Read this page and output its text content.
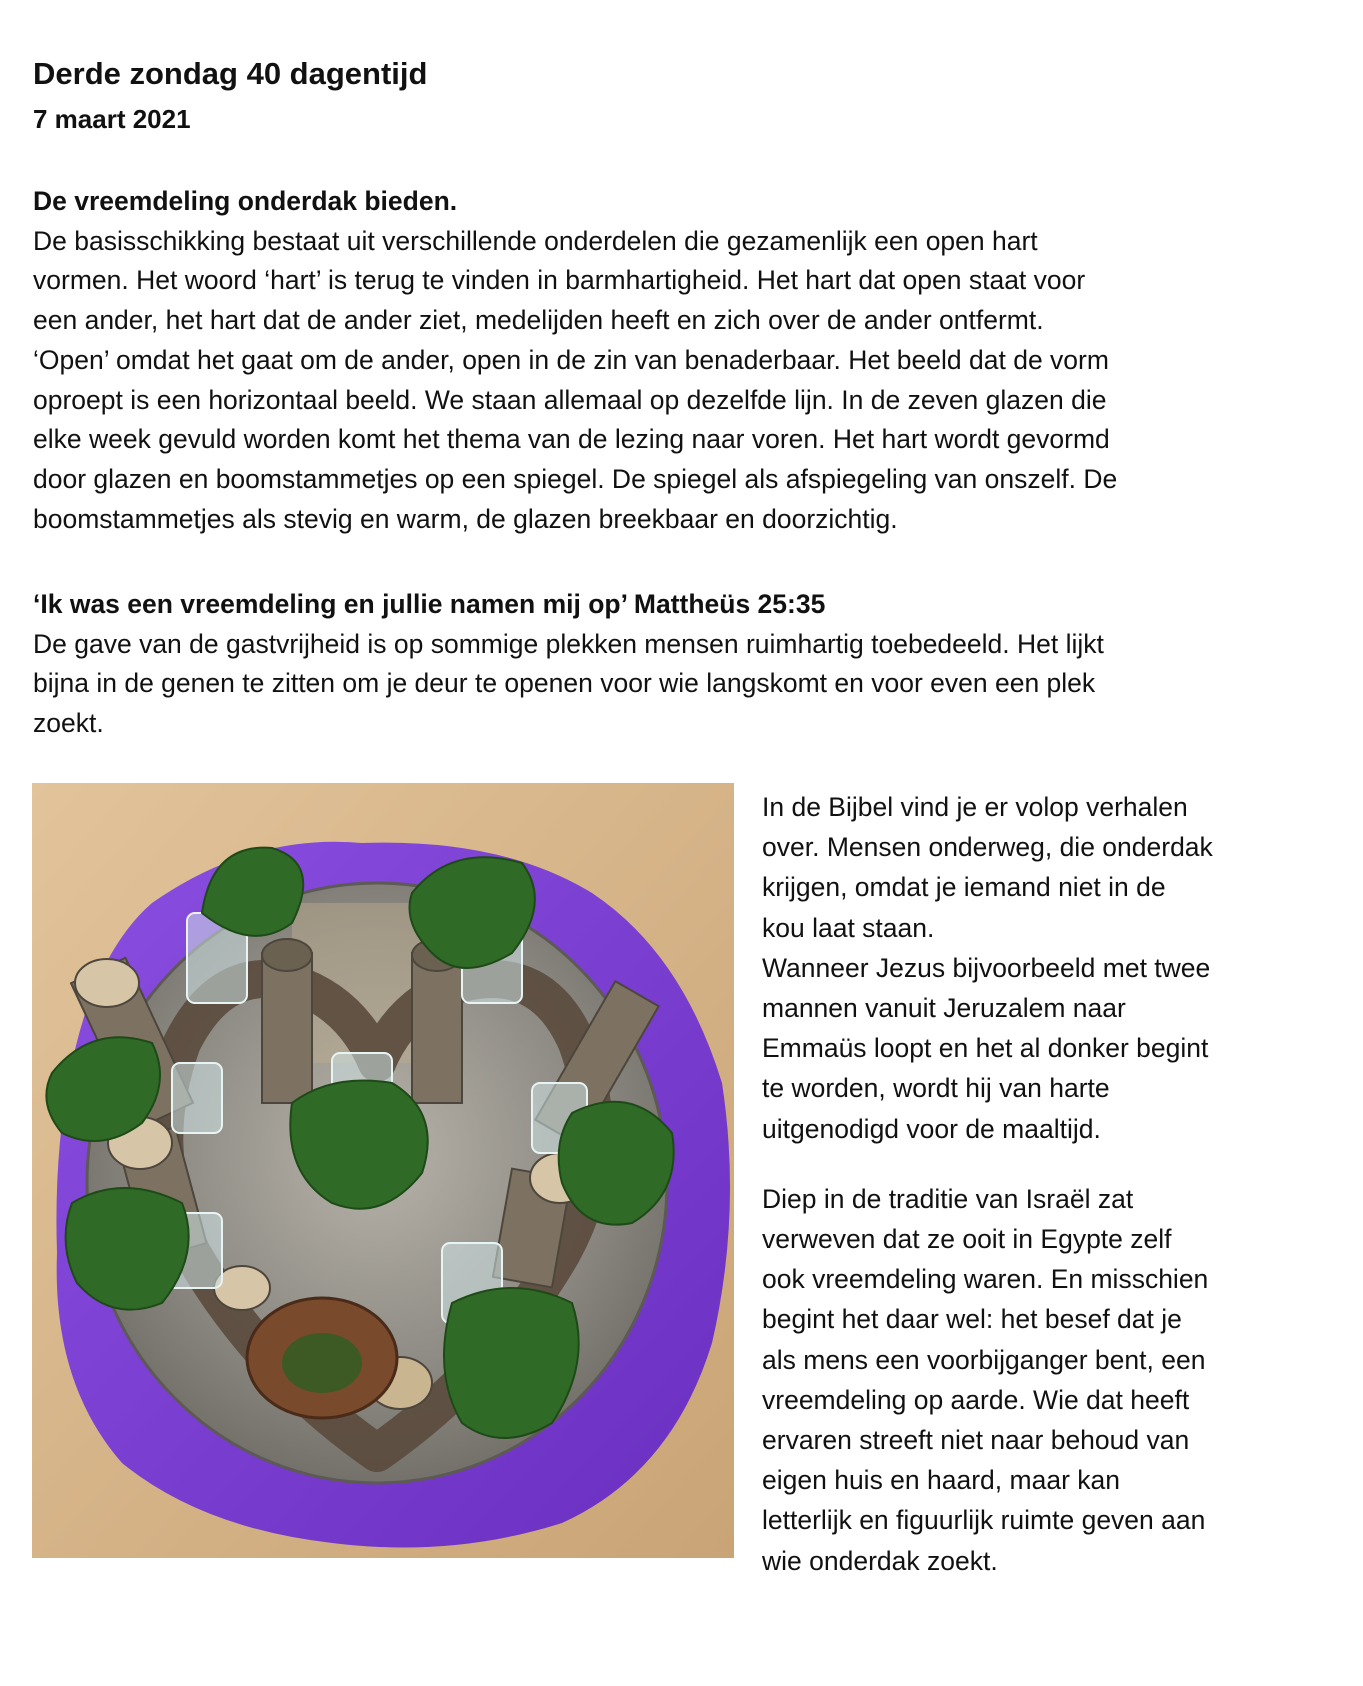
Derde zondag 40 dagentijd
7 maart 2021
De vreemdeling onderdak bieden.
De basisschikking bestaat uit verschillende onderdelen die gezamenlijk een open hart
vormen. Het woord ‘hart’ is terug te vinden in barmhartigheid. Het hart dat open staat voor
een ander, het hart dat de ander ziet, medelijden heeft en zich over de ander ontfermt.
‘Open’ omdat het gaat om de ander, open in de zin van benaderbaar. Het beeld dat de vorm
oproept is een horizontaal beeld. We staan allemaal op dezelfde lijn. In de zeven glazen die
elke week gevuld worden komt het thema van de lezing naar voren. Het hart wordt gevormd
door glazen en boomstammetjes op een spiegel. De spiegel als afspiegeling van onszelf. De
boomstammetjes als stevig en warm, de glazen breekbaar en doorzichtig.
‘Ik was een vreemdeling en jullie namen mij op’ Mattheüs 25:35
De gave van de gastvrijheid is op sommige plekken mensen ruimhartig toebedeeld. Het lijkt
bijna in de genen te zitten om je deur te openen voor wie langskomt en voor even een plek
zoekt.
In de Bijbel vind je er volop verhalen
over. Mensen onderweg, die onderdak
krijgen, omdat je iemand niet in de
kou laat staan.
Wanneer Jezus bijvoorbeeld met twee
mannen vanuit Jeruzalem naar
Emmaüs loopt en het al donker begint
te worden, wordt hij van harte
uitgenodigd voor de maaltijd.
Diep in de traditie van Israël zat
verweven dat ze ooit in Egypte zelf
ook vreemdeling waren. En misschien
begint het daar wel: het besef dat je
als mens een voorbijganger bent, een
vreemdeling op aarde. Wie dat heeft
ervaren streeft niet naar behoud van
eigen huis en haard, maar kan
letterlijk en figuurlijk ruimte geven aan
wie onderdak zoekt.
